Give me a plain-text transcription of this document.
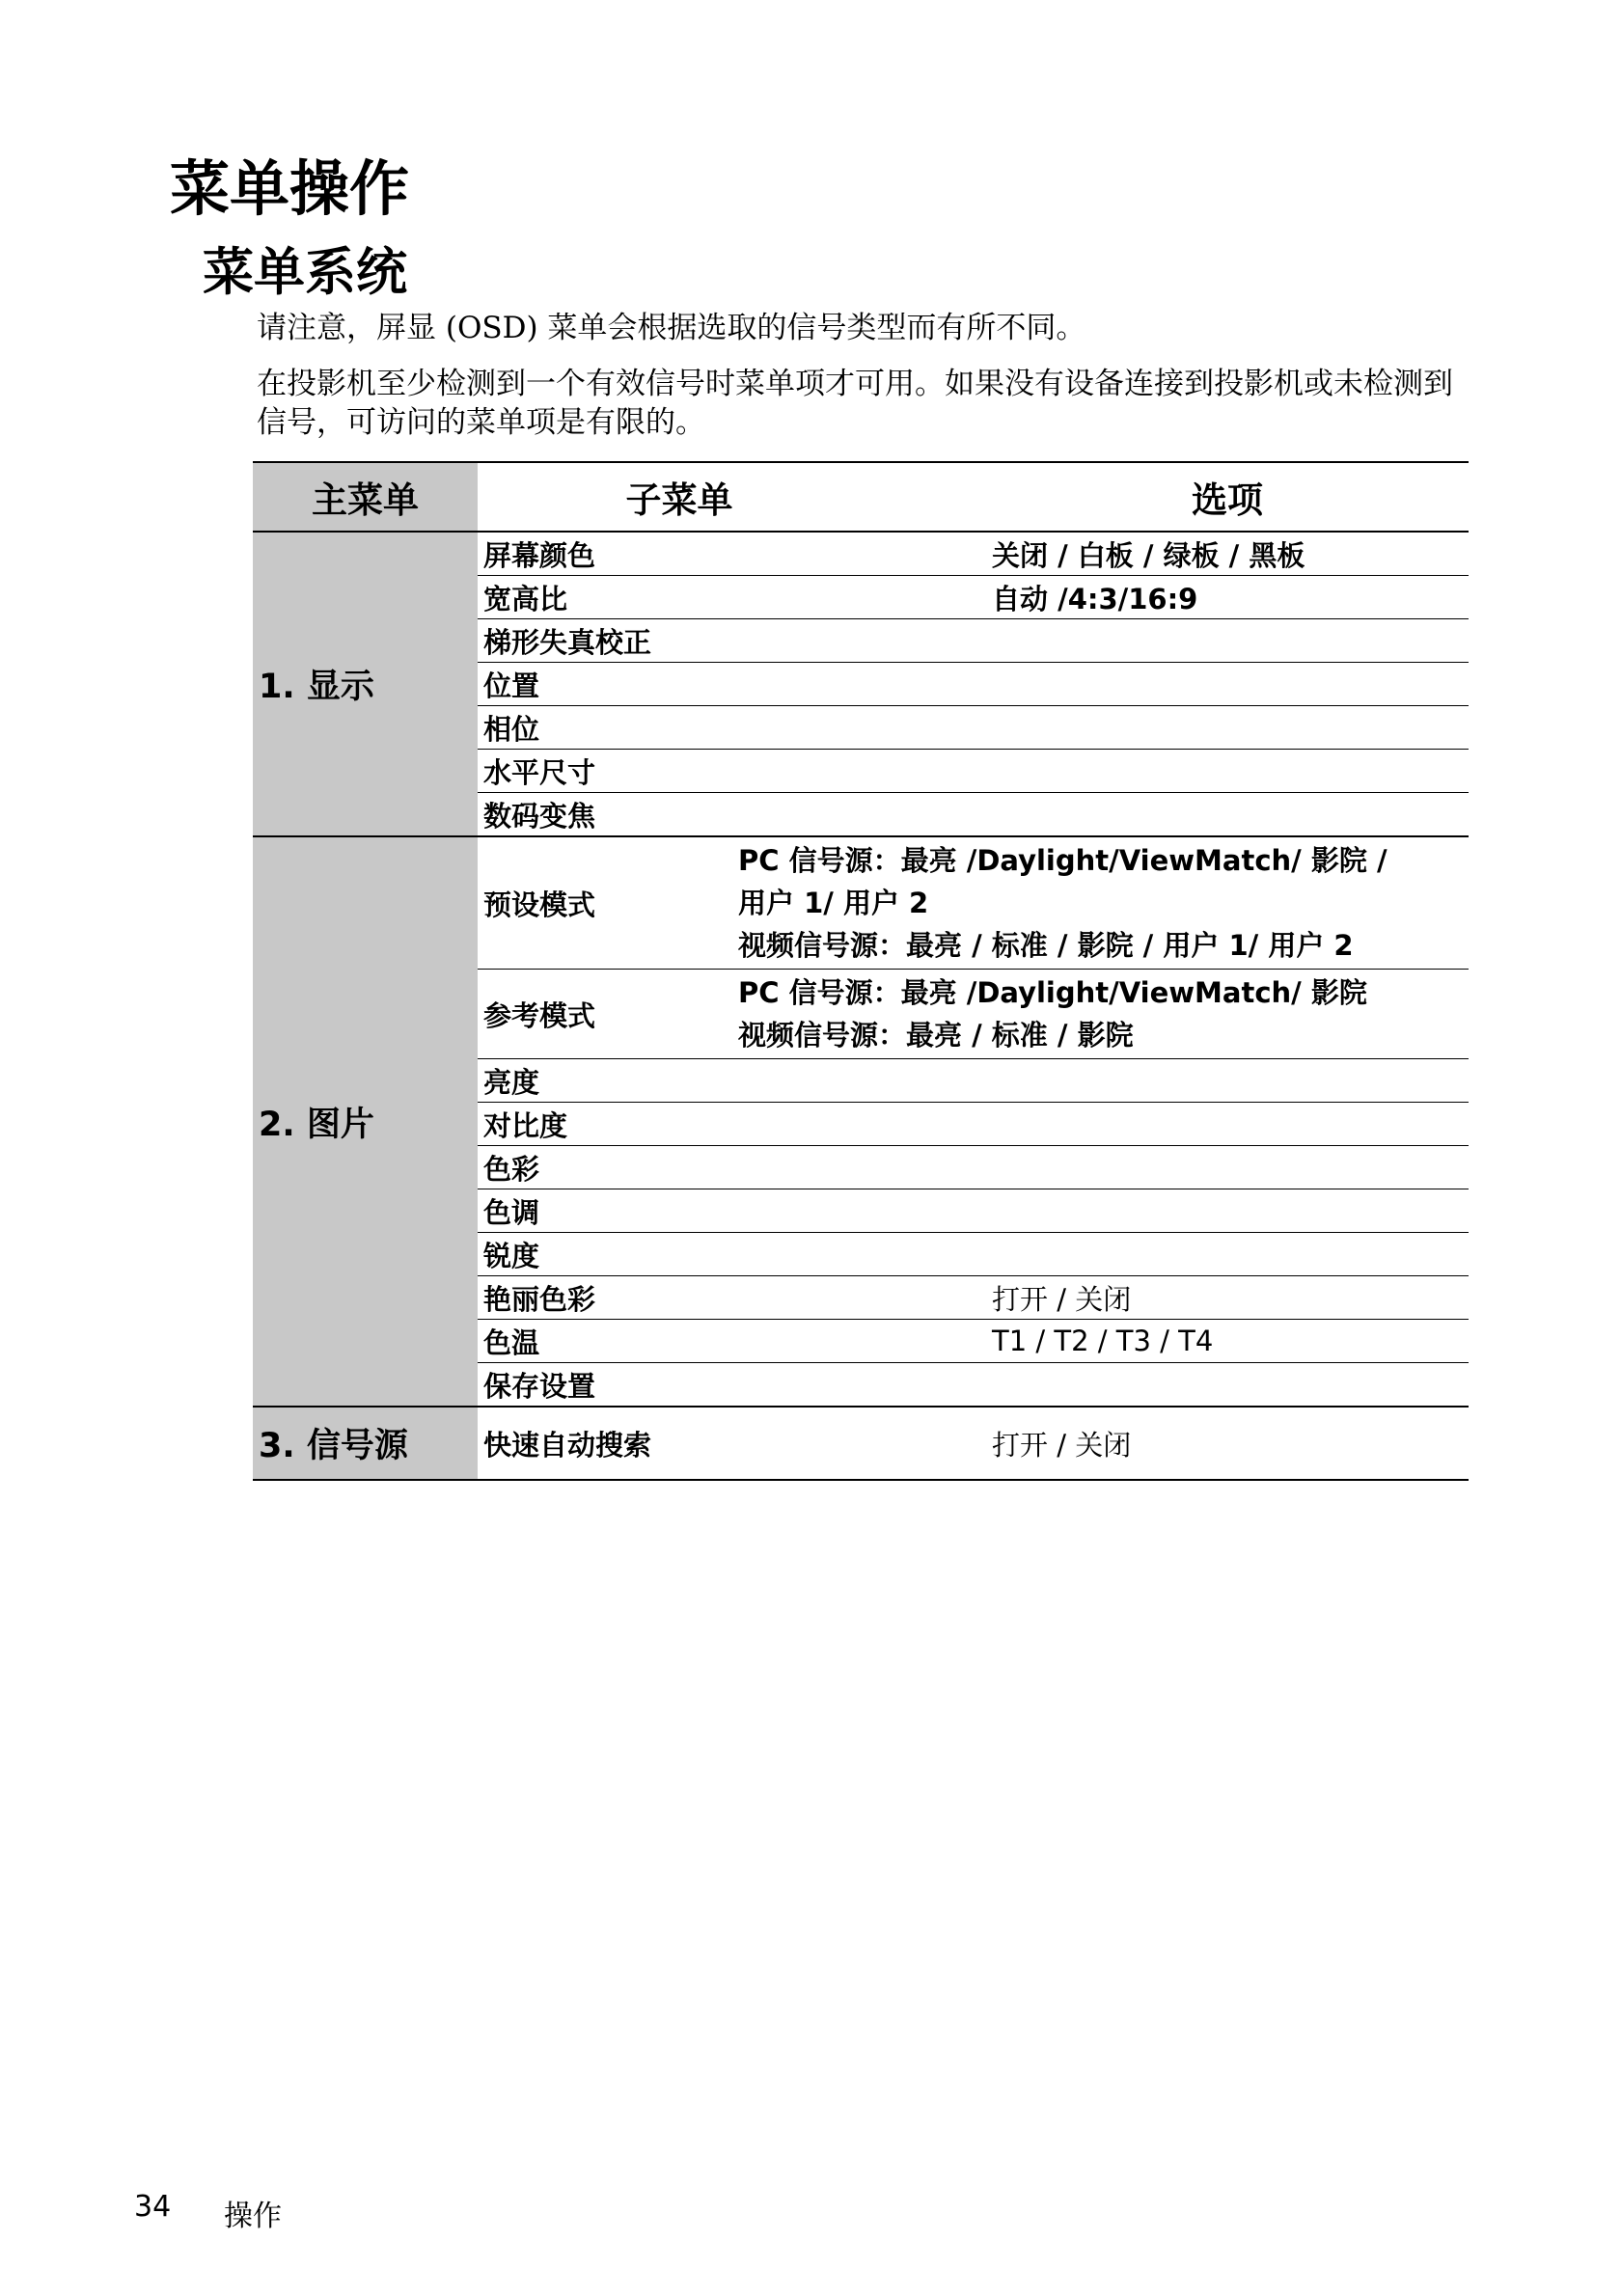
菜单操作
菜单系统

请注意，屏显 (OSD) 菜单会根据选取的信号类型而有所不同。

在投影机至少检测到一个有效信号时菜单项才可用。如果没有设备连接到投影机或未检测到信号，可访问的菜单项是有限的。

主菜单	子菜单	选项
1. 显示	屏幕颜色	关闭 / 白板 / 绿板 / 黑板
	宽高比	自动 /4:3/16:9
	梯形失真校正	
	位置	
	相位	
	水平尺寸	
	数码变焦	
2. 图片	预设模式	PC 信号源：最亮 /Daylight/ViewMatch/ 影院 /
用户 1/ 用户 2
视频信号源：最亮 / 标准 / 影院 / 用户 1/ 用户 2

	参考模式	PC 信号源：最亮 /Daylight/ViewMatch/ 影院
视频信号源：最亮 / 标准 / 影院

	亮度	
	对比度	
	色彩	
	色调	
	锐度	
	艳丽色彩	打开 / 关闭
	色温	T1 / T2 / T3 / T4
	保存设置	
3. 信号源	快速自动搜索	打开 / 关闭
34 操作
